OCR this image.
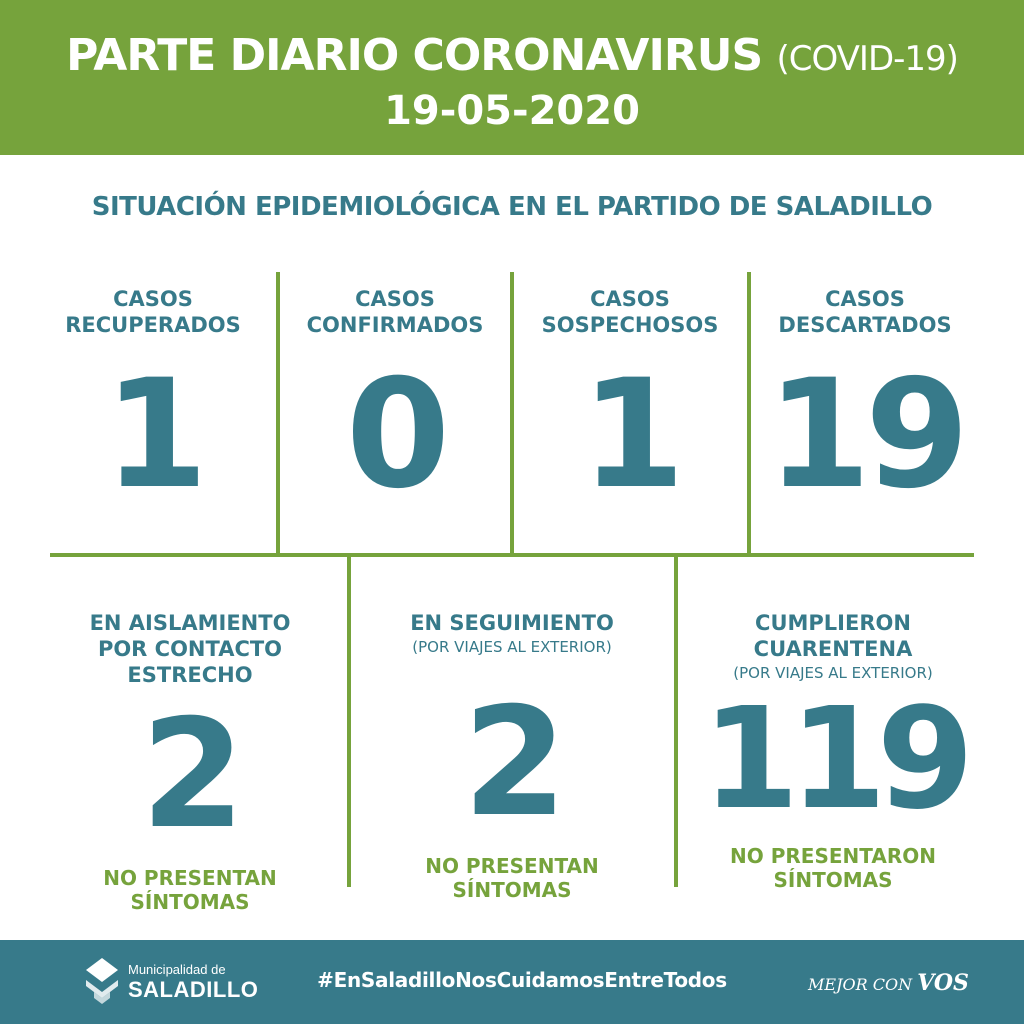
PARTE DIARIO CORONAVIRUS (COVID-19)
19-05-2020
SITUACIÓN EPIDEMIOLÓGICA EN EL PARTIDO DE SALADILLO
CASOS
RECUPERADOS
1
CASOS
CONFIRMADOS
0
CASOS
SOSPECHOSOS
1
CASOS
DESCARTADOS
19
EN AISLAMIENTO
POR CONTACTO
ESTRECHO
2
NO PRESENTAN
SÍNTOMAS
EN SEGUIMIENTO
(POR VIAJES AL EXTERIOR)
2
NO PRESENTAN
SÍNTOMAS
CUMPLIERON
CUARENTENA
(POR VIAJES AL EXTERIOR)
119
NO PRESENTARON
SÍNTOMAS
Municipalidad de
SALADILLO	#EnSaladilloNosCuidamosEntreTodos	MEJOR CON VOS
